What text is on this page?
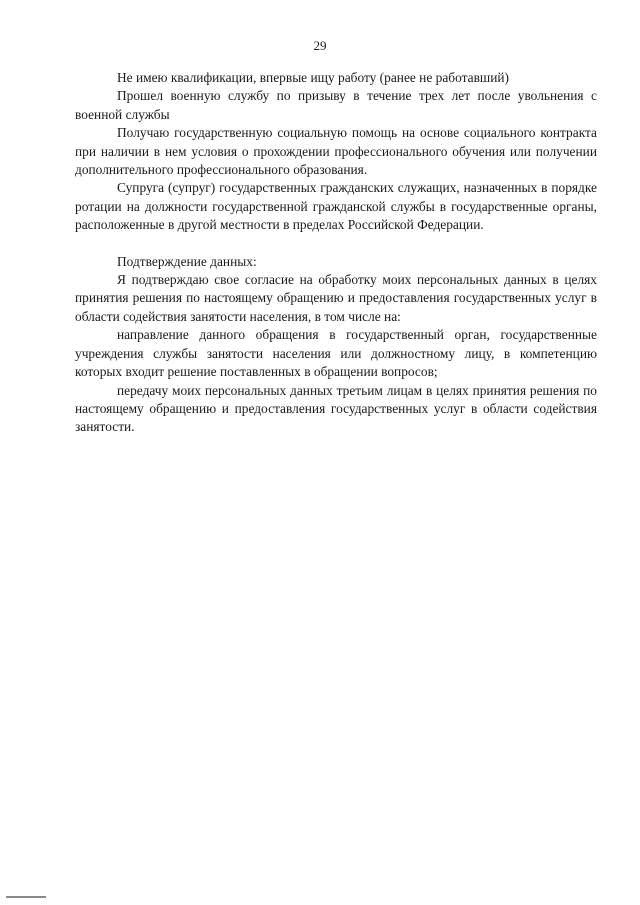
29

Не имею квалификации, впервые ищу работу (ранее не работавший)

Прошел военную службу по призыву в течение трех лет после увольнения с военной службы

Получаю государственную социальную помощь на основе социального контракта при наличии в нем условия о прохождении профессионального обучения или получении дополнительного профессионального образования.

Супруга (супруг) государственных гражданских служащих, назначенных в порядке ротации на должности государственной гражданской службы в государственные органы, расположенные в другой местности в пределах Российской Федерации.

Подтверждение данных:

Я подтверждаю свое согласие на обработку моих персональных данных в целях принятия решения по настоящему обращению и предоставления государственных услуг в области содействия занятости населения, в том числе на:

направление данного обращения в государственный орган, государственные учреждения службы занятости населения или должностному лицу, в компетенцию которых входит решение поставленных в обращении вопросов;

передачу моих персональных данных третьим лицам в целях принятия решения по настоящему обращению и предоставления государственных услуг в области содействия занятости.
